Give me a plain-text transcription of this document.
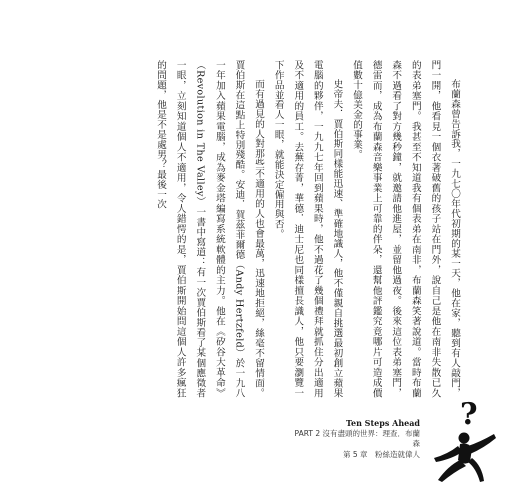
布蘭森曾告訴我，一九七〇年代初期的某一天，他在家，聽到有人敲門，門一開，他看見一個衣著破舊的孩子站在門外，說自己是他在南非失散已久的表弟塞門。我甚至不知道我有個表弟在南非，布蘭森笑著說道。當時布蘭森不過看了對方幾秒鐘，就邀請他進屋，並留他過夜。後來這位表弟塞門，德雷而，成為布蘭森音樂事業上可靠的伴朵，還幫他評鑑究竟哪片可造成價值數十億美金的事業。

史帝夫．賈伯斯同樣能迅速、準確地識人，他不僅親自挑選最初創立蘋果電腦的夥伴，一九九七年回到蘋果時，他不過花了幾個禮拜就抓住分出適用及不適用的員工。去蕪存菁，華德．迪士尼也同樣擅長識人，他只要瀏覽一下作品並看人一眼，就能決定僱用與否。

而有過見的人對那些不適用的人也會最萬，迅速地拒絕，絲毫不留情面。賈伯斯在這點上特別殘酷。安迪．賀茲菲爾德（Andy Hertzfeld）於一九八一年加入蘋果電腦，成為麥金塔編寫系統軟體的主力。他在《矽谷大革命》（Revolution in The Valley）一書中寫道：有一次賈伯斯看了某個應徵者一眼，立刻知道個人不適用，令人錯愕的是，賈伯斯開始問這個人許多瘋狂的問題，他是不是處男？最後一次

Ten Steps Ahead
PART 2 沒有盡頭的世界：理查．布蘭森
第 5 章　粉絲造就偉人
?
